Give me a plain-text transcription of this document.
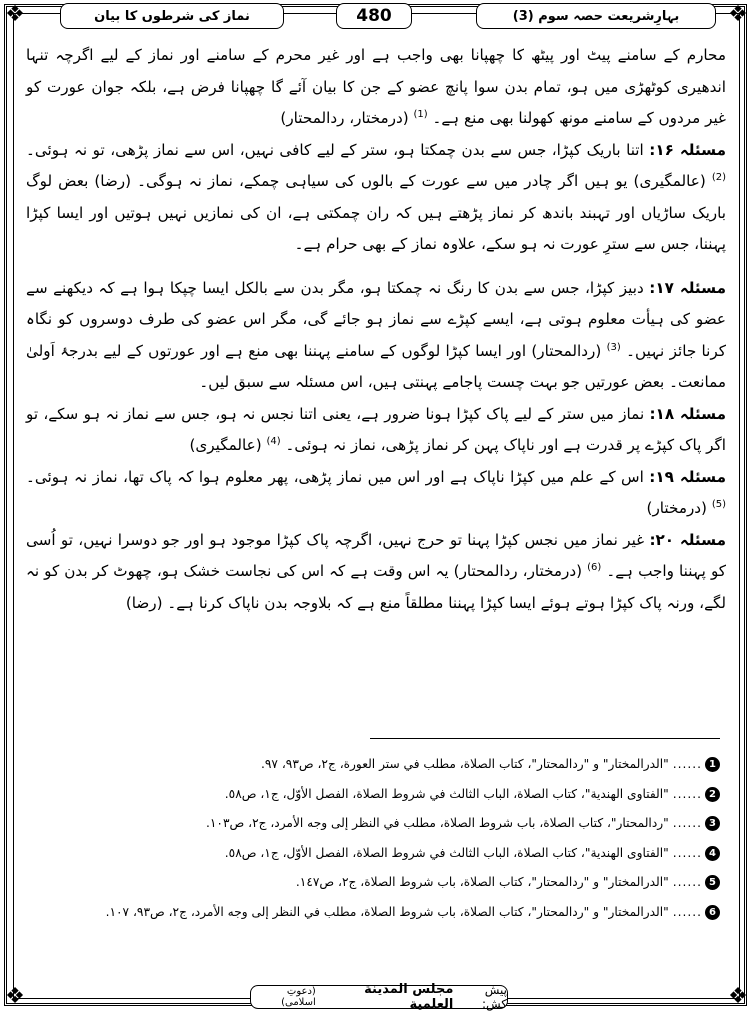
❖	❖
❖	❖
بہارِشریعت حصہ سوم (3)
480
نماز کی شرطوں کا بیان

محارم کے سامنے پیٹ اور پیٹھ کا چھپانا بھی واجب ہے اور غیر محرم کے سامنے اور نماز کے لیے اگرچہ تنہا اندھیری کوٹھڑی میں ہو، تمام بدن سوا پانچ عضو کے جن کا بیان آئے گا چھپانا فرض ہے، بلکہ جوان عورت کو غیر مردوں کے سامنے مونھ کھولنا بھی منع ہے۔ $^{(1)}$ (درمختار، ردالمحتار)

مسئلہ ۱۶: اتنا باریک کپڑا، جس سے بدن چمکتا ہو، ستر کے لیے کافی نہیں، اس سے نماز پڑھی، تو نہ ہوئی۔ $^{(2)}$ (عالمگیری) یو ہیں اگر چادر میں سے عورت کے بالوں کی سیاہی چمکے، نماز نہ ہوگی۔ (رضا) بعض لوگ باریک ساڑیاں اور تہبند باندھ کر نماز پڑھتے ہیں کہ ران چمکتی ہے، ان کی نمازیں نہیں ہوتیں اور ایسا کپڑا پہننا، جس سے سترِ عورت نہ ہو سکے، علاوہ نماز کے بھی حرام ہے۔

مسئلہ ۱۷: دبیز کپڑا، جس سے بدن کا رنگ نہ چمکتا ہو، مگر بدن سے بالکل ایسا چپکا ہوا ہے کہ دیکھنے سے عضو کی ہیأت معلوم ہوتی ہے، ایسے کپڑے سے نماز ہو جائے گی، مگر اس عضو کی طرف دوسروں کو نگاہ کرنا جائز نہیں۔ $^{(3)}$ (ردالمحتار) اور ایسا کپڑا لوگوں کے سامنے پہننا بھی منع ہے اور عورتوں کے لیے بدرجۂ اَولیٰ ممانعت۔ بعض عورتیں جو بہت چست پاجامے پہنتی ہیں، اس مسئلہ سے سبق لیں۔

مسئلہ ۱۸: نماز میں ستر کے لیے پاک کپڑا ہونا ضرور ہے، یعنی اتنا نجس نہ ہو، جس سے نماز نہ ہو سکے، تو اگر پاک کپڑے پر قدرت ہے اور ناپاک پہن کر نماز پڑھی، نماز نہ ہوئی۔ $^{(4)}$ (عالمگیری)

مسئلہ ۱۹: اس کے علم میں کپڑا ناپاک ہے اور اس میں نماز پڑھی، پھر معلوم ہوا کہ پاک تھا، نماز نہ ہوئی۔ $^{(5)}$ (درمختار)

مسئلہ ۲۰: غیر نماز میں نجس کپڑا پہنا تو حرج نہیں، اگرچہ پاک کپڑا موجود ہو اور جو دوسرا نہیں، تو اُسی کو پہننا واجب ہے۔ $^{(6)}$ (درمختار، ردالمحتار) یہ اس وقت ہے کہ اس کی نجاست خشک ہو، چھوٹ کر بدن کو نہ لگے، ورنہ پاک کپڑا ہوتے ہوئے ایسا کپڑا پہننا مطلقاً منع ہے کہ بلاوجہ بدن ناپاک کرنا ہے۔ (رضا)

1
......
"الدرالمختار" و "ردالمحتار"، كتاب الصلاة، مطلب في ستر العورة، ج٢، ص٩٣، ٩٧.
2
......
"الفتاوى الهندية"، كتاب الصلاة، الباب الثالث في شروط الصلاة، الفصل الأوّل، ج١، ص٥٨.
3
......
"ردالمحتار"، كتاب الصلاة، باب شروط الصلاة، مطلب في النظر إلى وجه الأمرد، ج٢، ص١٠٣.
4
......
"الفتاوى الهندية"، كتاب الصلاة، الباب الثالث في شروط الصلاة، الفصل الأوّل، ج١، ص٥٨.
5
......
"الدرالمختار" و "ردالمحتار"، كتاب الصلاة، باب شروط الصلاة، ج٢، ص١٤٧.
6
......
"الدرالمختار" و "ردالمحتار"، كتاب الصلاة، باب شروط الصلاة، مطلب في النظر إلى وجه الأمرد، ج٢، ص٩٣، ١٠٧.
پیش کش:
مجلس المدينة العلمية
(دعوتِ اسلامی)
